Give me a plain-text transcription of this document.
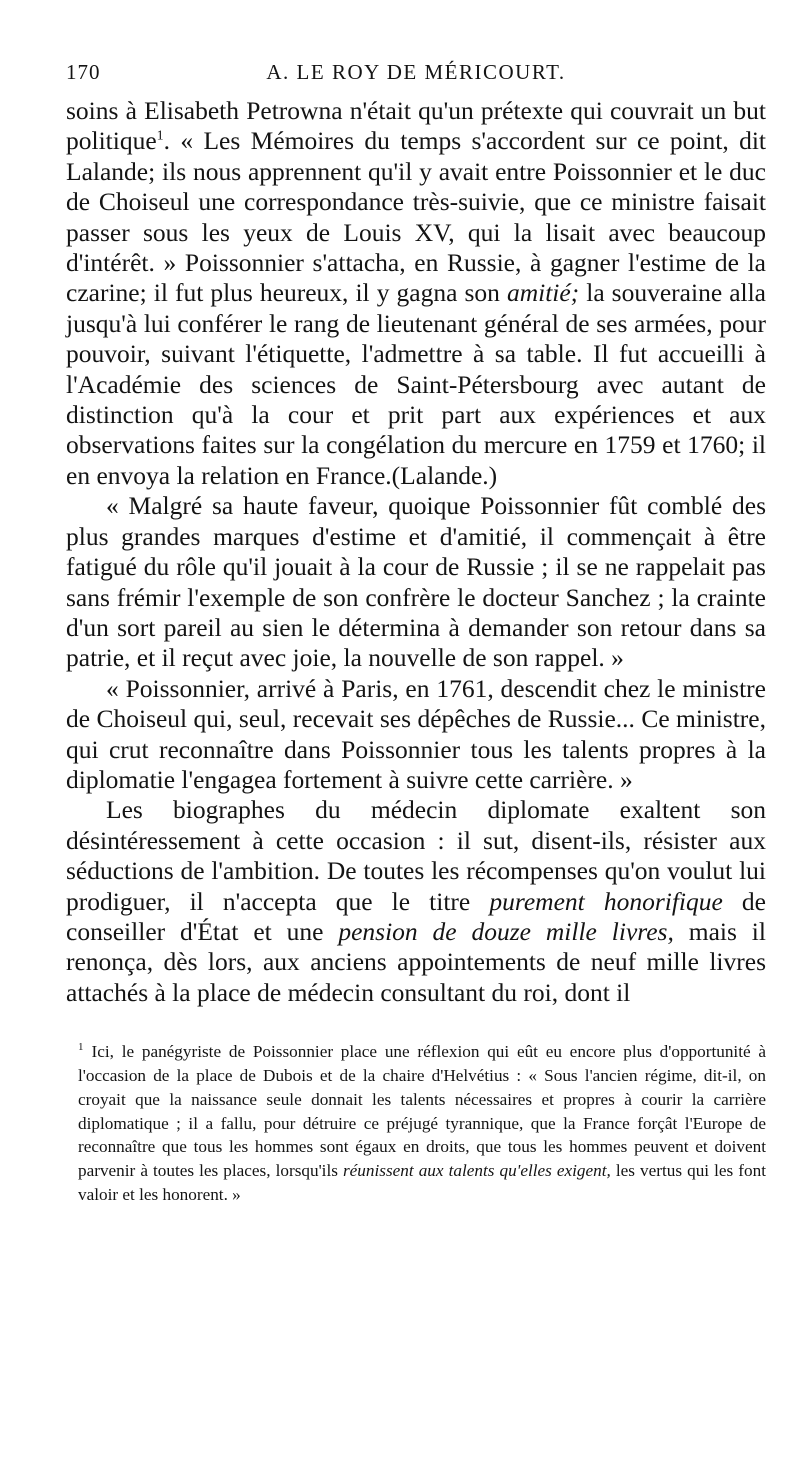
170	A. LE ROY DE MÉRICOURT.

soins à Elisabeth Petrowna n'était qu'un prétexte qui couvrait un but politique$^1$. « Les Mémoires du temps s'accordent sur ce point, dit Lalande; ils nous apprennent qu'il y avait entre Poissonnier et le duc de Choiseul une correspondance très-suivie, que ce ministre faisait passer sous les yeux de Louis XV, qui la lisait avec beaucoup d'intérêt. » Poissonnier s'attacha, en Russie, à gagner l'estime de la czarine; il fut plus heureux, il y gagna son amitié; la souveraine alla jusqu'à lui conférer le rang de lieutenant général de ses armées, pour pouvoir, suivant l'étiquette, l'admettre à sa table. Il fut accueilli à l'Académie des sciences de Saint-Pétersbourg avec autant de distinction qu'à la cour et prit part aux expériences et aux observations faites sur la congélation du mercure en 1759 et 1760; il en envoya la relation en France.(Lalande.)

« Malgré sa haute faveur, quoique Poissonnier fût comblé des plus grandes marques d'estime et d'amitié, il commençait à être fatigué du rôle qu'il jouait à la cour de Russie ; il se ne rappelait pas sans frémir l'exemple de son confrère le docteur Sanchez ; la crainte d'un sort pareil au sien le détermina à demander son retour dans sa patrie, et il reçut avec joie, la nouvelle de son rappel. »

« Poissonnier, arrivé à Paris, en 1761, descendit chez le ministre de Choiseul qui, seul, recevait ses dépêches de Russie... Ce ministre, qui crut reconnaître dans Poissonnier tous les talents propres à la diplomatie l'engagea fortement à suivre cette carrière. »

Les biographes du médecin diplomate exaltent son désintéressement à cette occasion : il sut, disent-ils, résister aux séductions de l'ambition. De toutes les récompenses qu'on voulut lui prodiguer, il n'accepta que le titre purement honorifique de conseiller d'État et une pension de douze mille livres, mais il renonça, dès lors, aux anciens appointements de neuf mille livres attachés à la place de médecin consultant du roi, dont il

$^1$ Ici, le panégyriste de Poissonnier place une réflexion qui eût eu encore plus d'opportunité à l'occasion de la place de Dubois et de la chaire d'Helvétius : « Sous l'ancien régime, dit-il, on croyait que la naissance seule donnait les talents nécessaires et propres à courir la carrière diplomatique ; il a fallu, pour détruire ce préjugé tyrannique, que la France forçât l'Europe de reconnaître que tous les hommes sont égaux en droits, que tous les hommes peuvent et doivent parvenir à toutes les places, lorsqu'ils réunissent aux talents qu'elles exigent, les vertus qui les font valoir et les honorent. »
